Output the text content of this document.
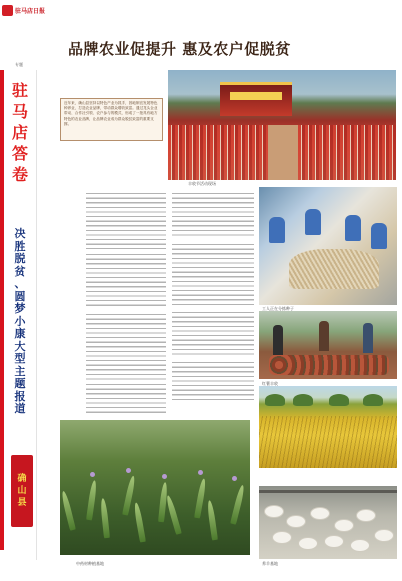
驻马店日报
专题
驻
马
店
答
卷
决
胜
脱
贫
、
圆
梦
小
康
大
型
主
题
报
道
确
山
县
品牌农业促提升 惠及农户促脱贫
丰收节活动现场
近年来，确山县坚持以特色产业为抓手，因地制宜发展特色种养业，打造农业品牌，带动群众增收致富。通过龙头企业带动、合作社引领、农户参与的模式，形成了一批具有地方特色的农业品牌，让品牌农业成为群众脱贫致富的重要支撑。
工人正在分拣种子
红薯丰收
养羊基地
中药材种植基地
